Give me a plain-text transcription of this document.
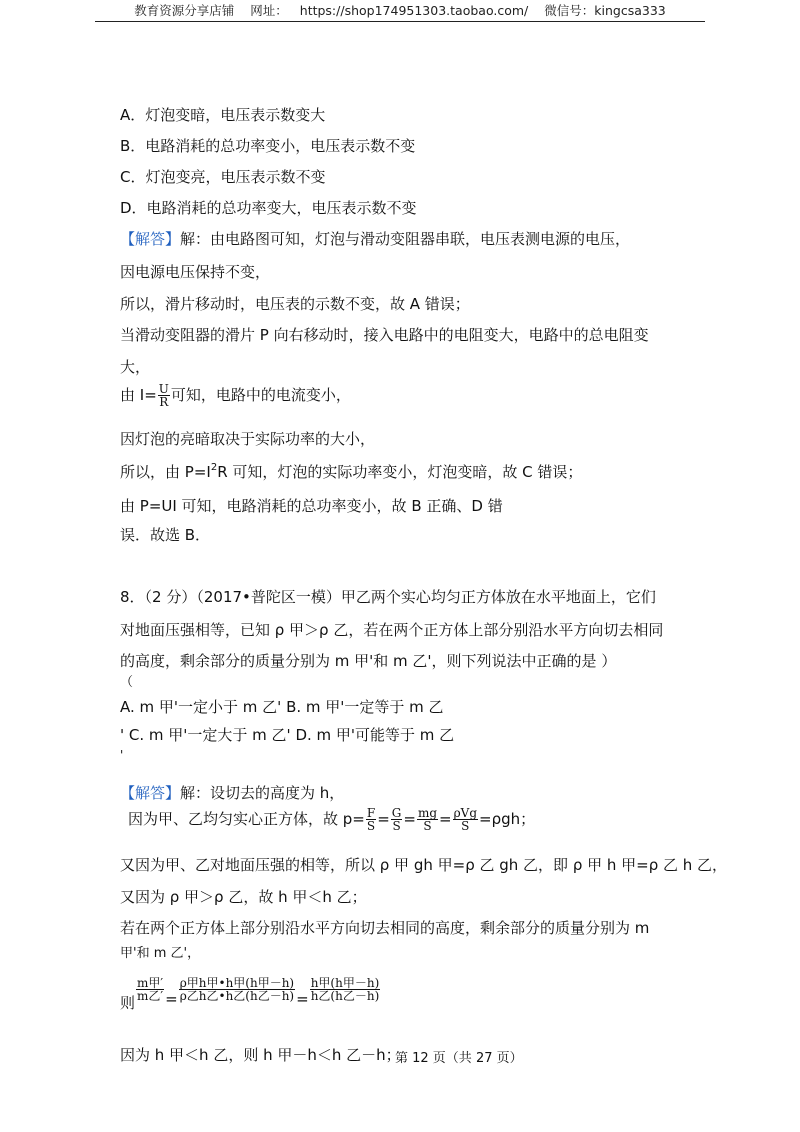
教育资源分享店铺 网址： https://shop174951303.taobao.com/ 微信号：kingcsa333
A．灯泡变暗，电压表示数变大
B．电路消耗的总功率变小，电压表示数不变
C．灯泡变亮，电压表示数不变
D．电路消耗的总功率变大，电压表示数不变
【解答】解：由电路图可知，灯泡与滑动变阻器串联，电压表测电源的电压，
因电源电压保持不变，
所以，滑片移动时，电压表的示数不变，故 A 错误；
当滑动变阻器的滑片 P 向右移动时，接入电路中的电阻变大，电路中的总电阻变
大，
由 $I= \frac{U}{R}$ 可知，电路中的电流变小，
因灯泡的亮暗取决于实际功率的大小，
所以，由 $P=I^2R$ 可知，灯泡的实际功率变小，灯泡变暗，故 C 错误；
由 P=UI 可知，电路消耗的总功率变小，故 B 正确、D 错
误．故选 B．
8．（2 分）（2017•普陀区一模）甲乙两个实心均匀正方体放在水平地面上，它们
对地面压强相等，已知 ρ 甲＞ρ 乙，若在两个正方体上部分别沿水平方向切去相同
的高度，剩余部分的质量分别为 m 甲'和 m 乙'，则下列说法中正确的是 ）
（
A. m 甲'一定小于 m 乙' B. m 甲'一定等于 m 乙
' C. m 甲'一定大于 m 乙' D. m 甲'可能等于 m 乙
'
【解答】解：设切去的高度为 h，
因为甲、乙均匀实心正方体，故 $p= \frac{F}{S} = \frac{G}{S} = \frac{mg}{S} = \frac{\text{ρVg}}{S} =\rho gh$；
又因为甲、乙对地面压强的相等，所以 ρ 甲 gh 甲=ρ 乙 gh 乙，即 ρ 甲 h 甲=ρ 乙 h 乙，
又因为 ρ 甲＞ρ 乙，故 h 甲＜h 乙；
若在两个正方体上部分别沿水平方向切去相同的高度，剩余部分的质量分别为 m
甲'和 m 乙'，
则
$\frac{\text{m甲′}}{\text{m乙′}} = \frac{\text{ρ甲h甲•h甲(h甲－h)}}{\text{ρ乙h乙•h乙(h乙－h)}} = \frac{\text{h甲(h甲－h)}}{\text{h乙(h乙－h)}}$
因为 h 甲＜h 乙，则 h 甲－h＜h 乙－h；
第 12 页（共 27 页）
